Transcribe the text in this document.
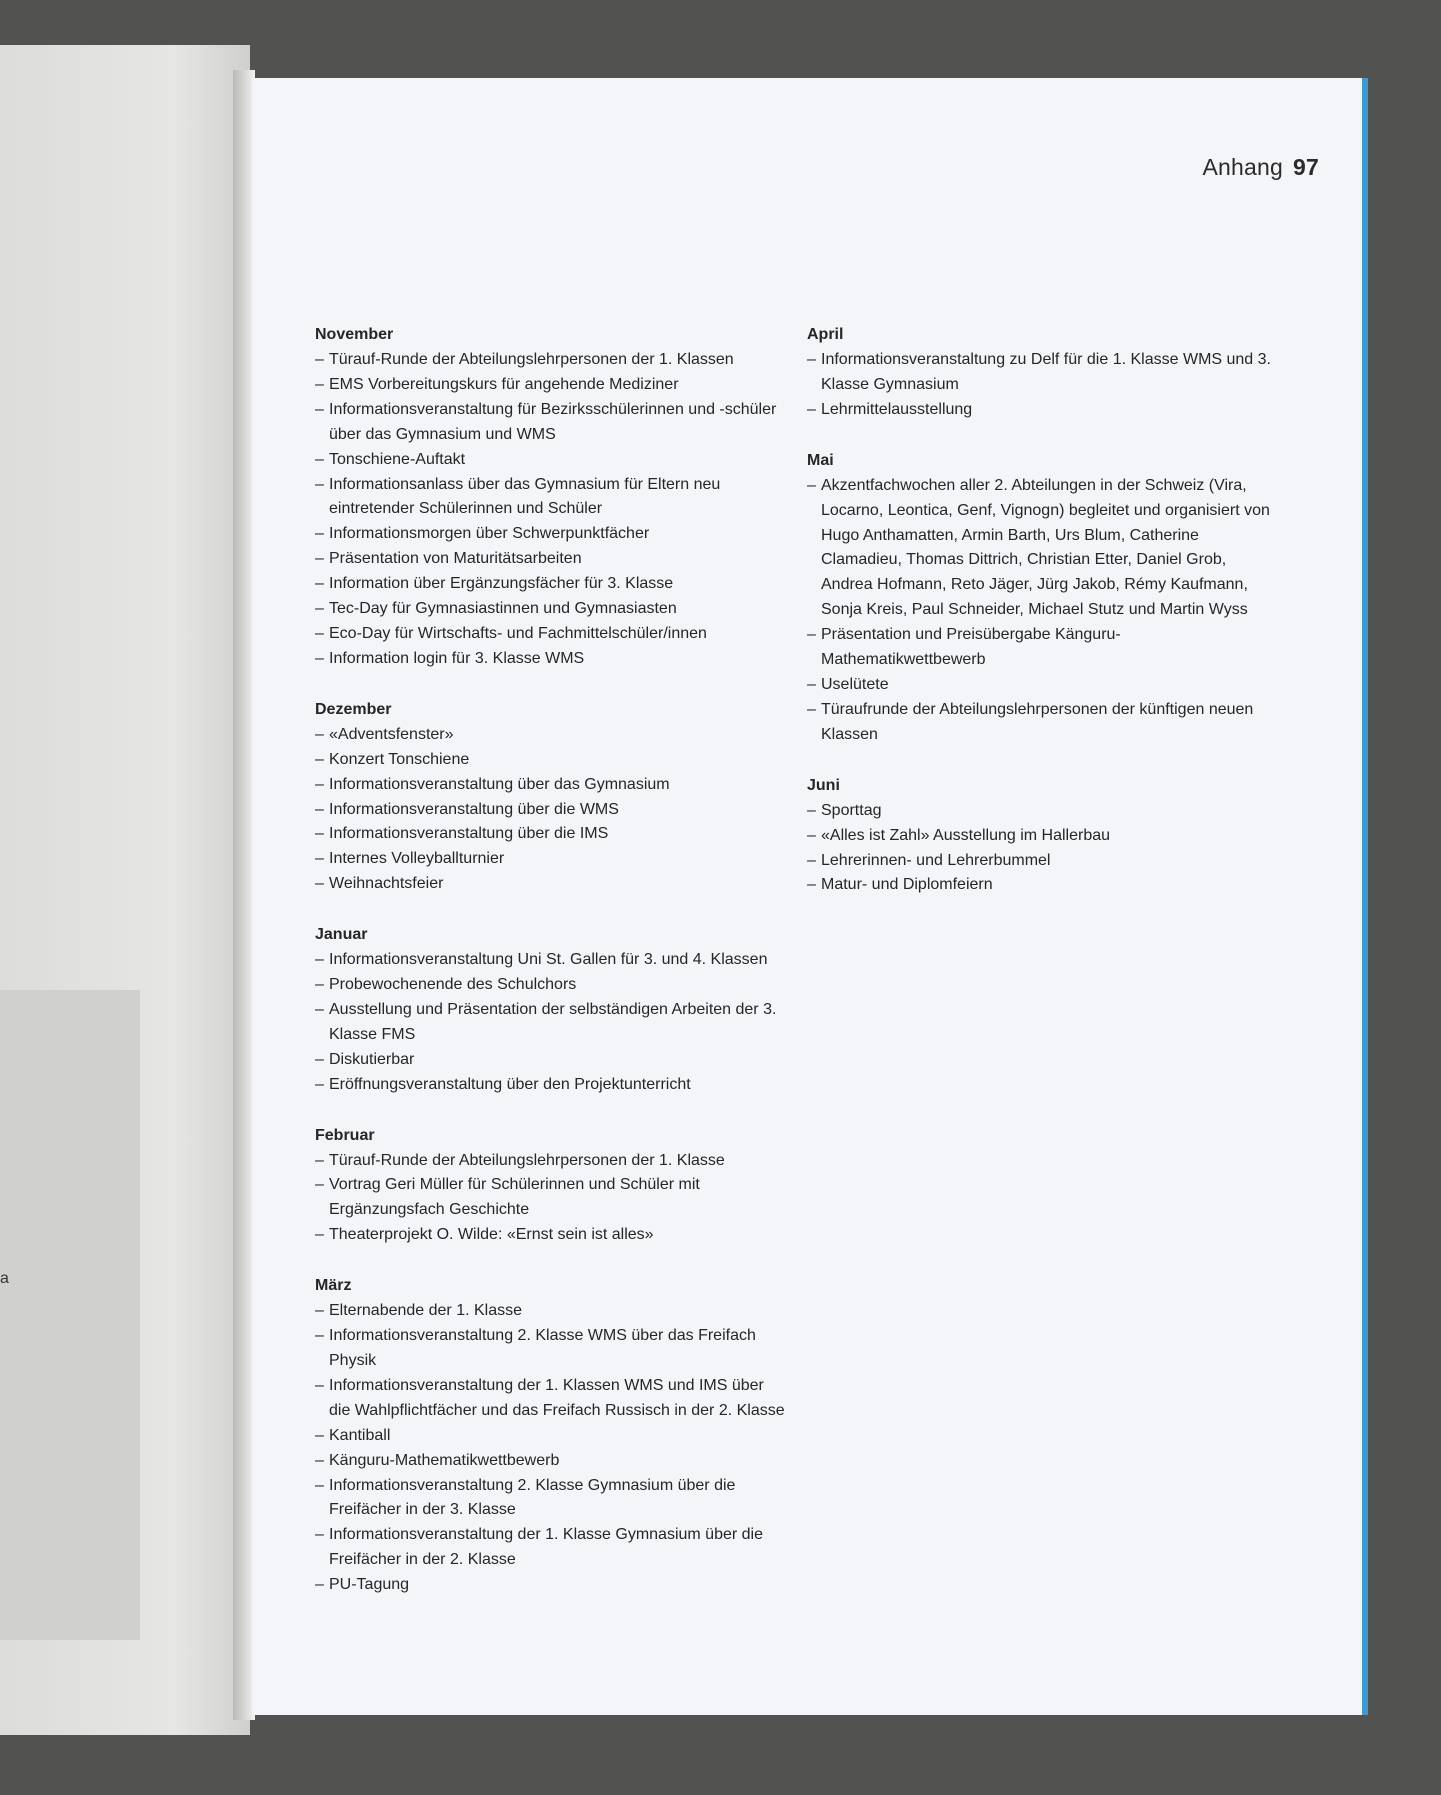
a
Anhang 97
November
– Türauf-Runde der Abteilungslehrpersonen der 1. Klassen
– EMS Vorbereitungskurs für angehende Mediziner
– Informationsveranstaltung für Bezirksschülerinnen und -schüler über das Gymnasium und WMS
– Tonschiene-Auftakt
– Informationsanlass über das Gymnasium für Eltern neu eintretender Schülerinnen und Schüler
– Informationsmorgen über Schwerpunktfächer
– Präsentation von Maturitätsarbeiten
– Information über Ergänzungsfächer für 3. Klasse
– Tec-Day für Gymnasiastinnen und Gymnasiasten
– Eco-Day für Wirtschafts- und Fachmittelschüler/innen
– Information login für 3. Klasse WMS
Dezember
– «Adventsfenster»
– Konzert Tonschiene
– Informationsveranstaltung über das Gymnasium
– Informationsveranstaltung über die WMS
– Informationsveranstaltung über die IMS
– Internes Volleyballturnier
– Weihnachtsfeier
Januar
– Informationsveranstaltung Uni St. Gallen für 3. und 4. Klassen
– Probewochenende des Schulchors
– Ausstellung und Präsentation der selbständigen Arbeiten der 3. Klasse FMS
– Diskutierbar
– Eröffnungsveranstaltung über den Projektunterricht
Februar
– Türauf-Runde der Abteilungslehrpersonen der 1. Klasse
– Vortrag Geri Müller für Schülerinnen und Schüler mit Ergänzungsfach Geschichte
– Theaterprojekt O. Wilde: «Ernst sein ist alles»
März
– Elternabende der 1. Klasse
– Informationsveranstaltung 2. Klasse WMS über das Freifach Physik
– Informationsveranstaltung der 1. Klassen WMS und IMS über die Wahlpflichtfächer und das Freifach Russisch in der 2. Klasse
– Kantiball
– Känguru-Mathematikwettbewerb
– Informationsveranstaltung 2. Klasse Gymnasium über die Freifächer in der 3. Klasse
– Informationsveranstaltung der 1. Klasse Gymnasium über die Freifächer in der 2. Klasse
– PU-Tagung
April
– Informationsveranstaltung zu Delf für die 1. Klasse WMS und 3. Klasse Gymnasium
– Lehrmittelausstellung
Mai
– Akzentfachwochen aller 2. Abteilungen in der Schweiz (Vira, Locarno, Leontica, Genf, Vignogn) begleitet und organisiert von Hugo Anthamatten, Armin Barth, Urs Blum, Catherine Clamadieu, Thomas Dittrich, Christian Etter, Daniel Grob, Andrea Hofmann, Reto Jäger, Jürg Jakob, Rémy Kaufmann, Sonja Kreis, Paul Schneider, Michael Stutz und Martin Wyss
– Präsentation und Preisübergabe Känguru-Mathematikwettbewerb
– Uselütete
– Türaufrunde der Abteilungslehrpersonen der künftigen neuen Klassen
Juni
– Sporttag
– «Alles ist Zahl» Ausstellung im Hallerbau
– Lehrerinnen- und Lehrerbummel
– Matur- und Diplomfeiern
